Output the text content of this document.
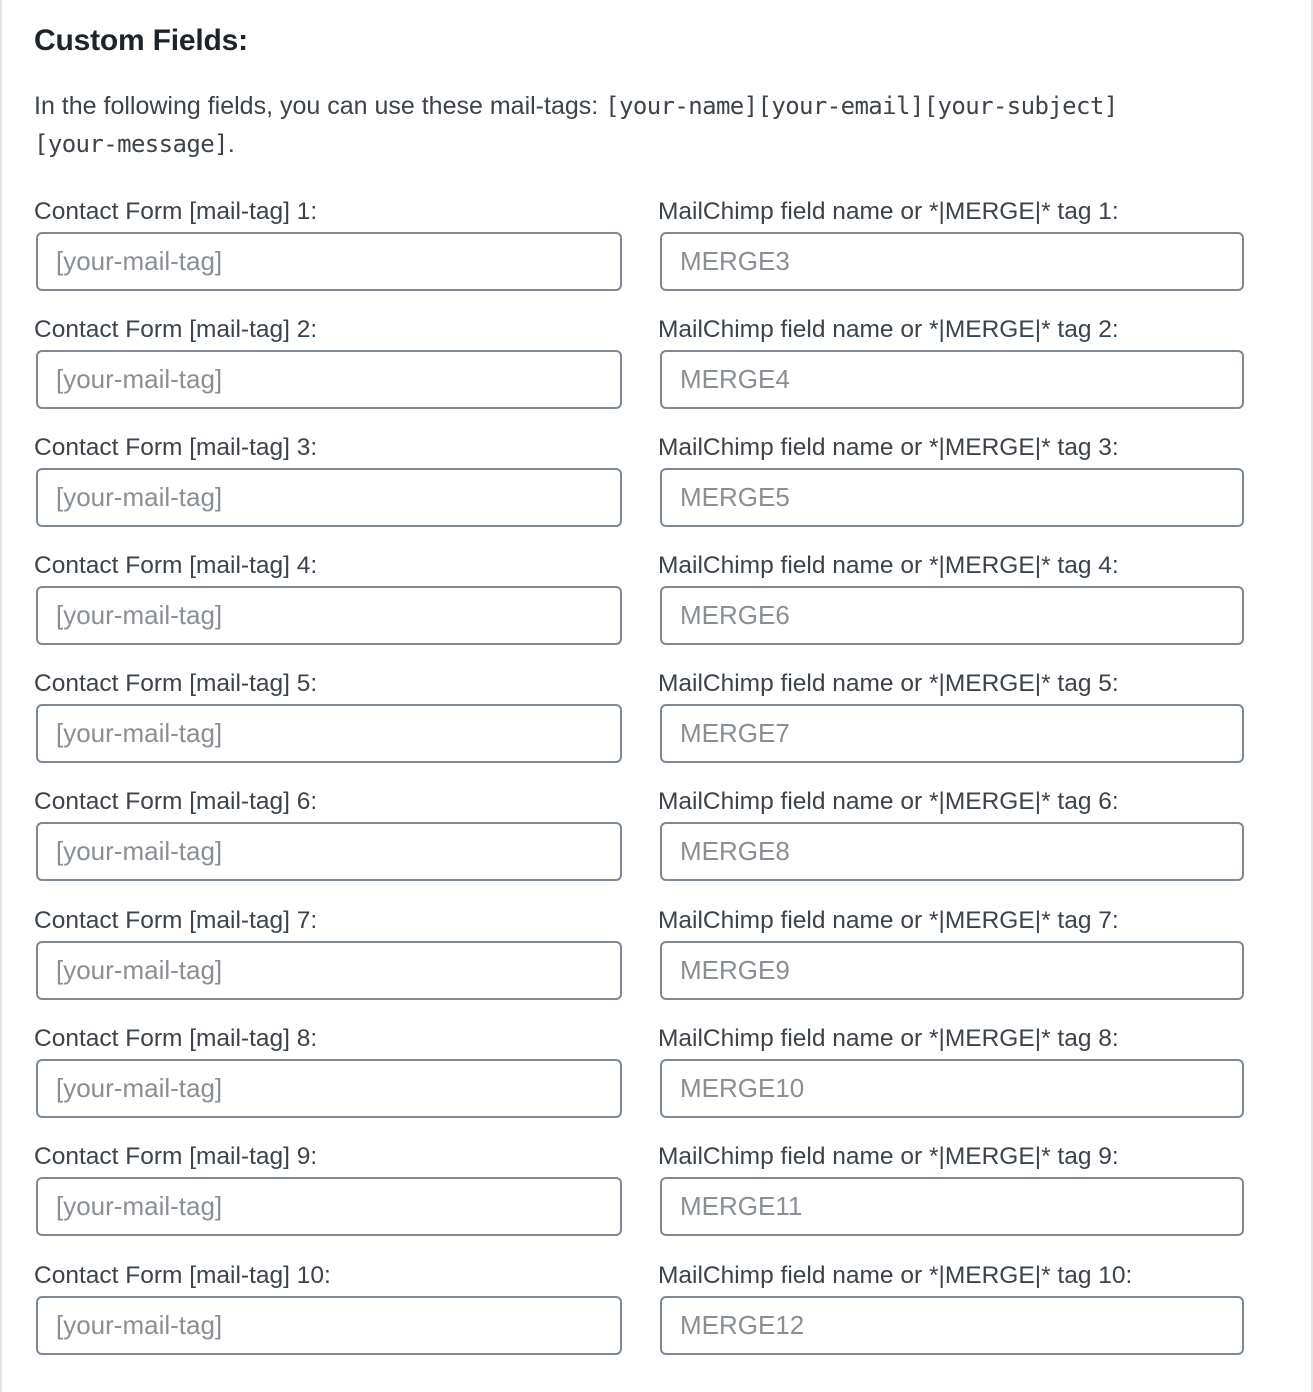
Custom Fields:

In the following fields, you can use these mail-tags: [your-name][your-email][your-subject][your-message].

Contact Form [mail-tag] 1:
[your-mail-tag]	MailChimp field name or *|MERGE|* tag 1:
MERGE3
Contact Form [mail-tag] 2:
[your-mail-tag]	MailChimp field name or *|MERGE|* tag 2:
MERGE4
Contact Form [mail-tag] 3:
[your-mail-tag]	MailChimp field name or *|MERGE|* tag 3:
MERGE5
Contact Form [mail-tag] 4:
[your-mail-tag]	MailChimp field name or *|MERGE|* tag 4:
MERGE6
Contact Form [mail-tag] 5:
[your-mail-tag]	MailChimp field name or *|MERGE|* tag 5:
MERGE7
Contact Form [mail-tag] 6:
[your-mail-tag]	MailChimp field name or *|MERGE|* tag 6:
MERGE8
Contact Form [mail-tag] 7:
[your-mail-tag]	MailChimp field name or *|MERGE|* tag 7:
MERGE9
Contact Form [mail-tag] 8:
[your-mail-tag]	MailChimp field name or *|MERGE|* tag 8:
MERGE10
Contact Form [mail-tag] 9:
[your-mail-tag]	MailChimp field name or *|MERGE|* tag 9:
MERGE11
Contact Form [mail-tag] 10:
[your-mail-tag]	MailChimp field name or *|MERGE|* tag 10:
MERGE12
